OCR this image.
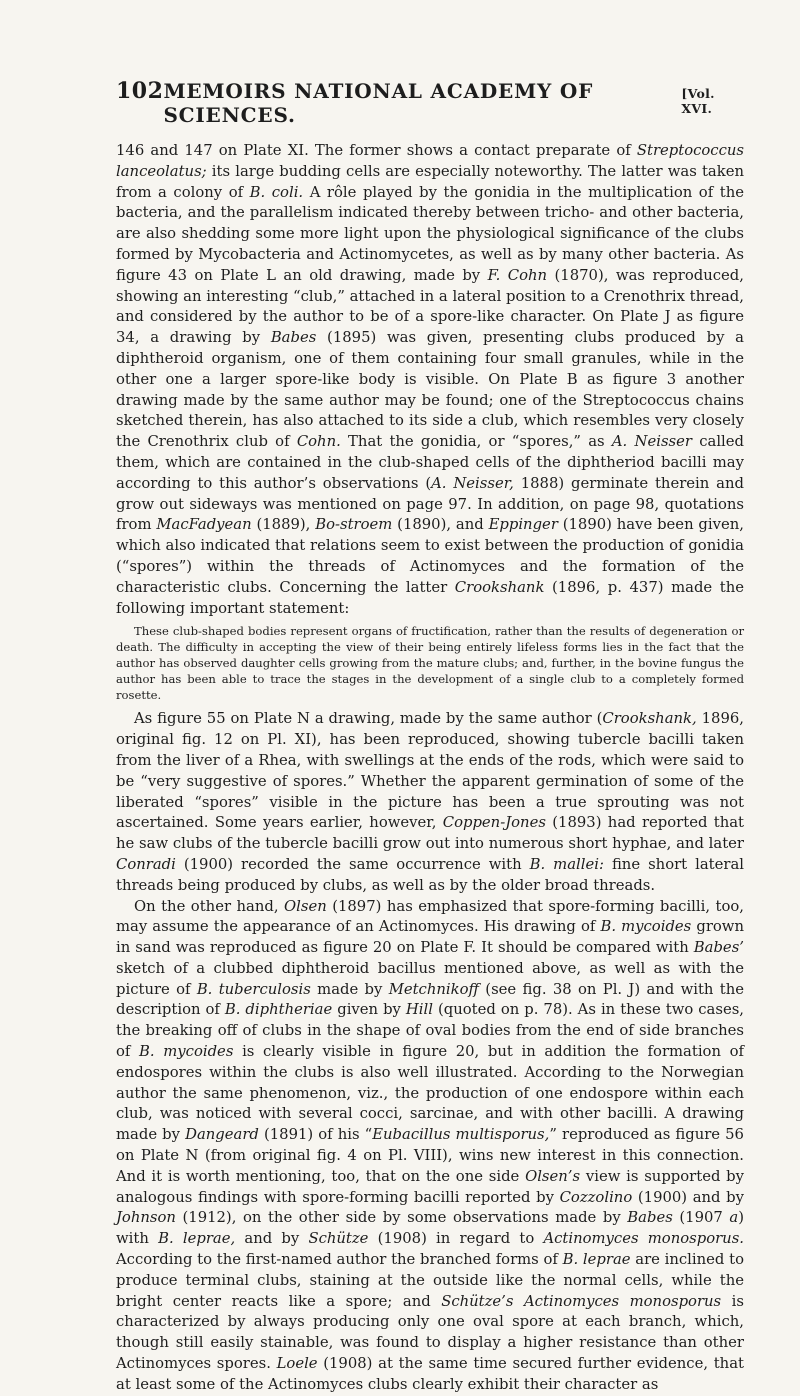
102 MEMOIRS NATIONAL ACADEMY OF SCIENCES.
[Vol. XVI.

146 and 147 on Plate XI. The former shows a contact preparate of Streptococcus lanceolatus; its large budding cells are especially noteworthy. The latter was taken from a colony of B. coli. A rôle played by the gonidia in the multiplication of the bacteria, and the parallelism indicated thereby between tricho- and other bacteria, are also shedding some more light upon the physiological significance of the clubs formed by Mycobacteria and Actinomycetes, as well as by many other bacteria. As figure 43 on Plate L an old drawing, made by F. Cohn (1870), was reproduced, showing an interesting “club,” attached in a lateral position to a Crenothrix thread, and considered by the author to be of a spore-like character. On Plate J as figure 34, a drawing by Babes (1895) was given, presenting clubs produced by a diphtheroid organism, one of them containing four small granules, while in the other one a larger spore-like body is visible. On Plate B as figure 3 another drawing made by the same author may be found; one of the Streptococcus chains sketched therein, has also attached to its side a club, which resembles very closely the Crenothrix club of Cohn. That the gonidia, or “spores,” as A. Neisser called them, which are contained in the club-shaped cells of the diphtheriod bacilli may according to this author’s observations (A. Neisser, 1888) germinate therein and grow out sideways was mentioned on page 97. In addition, on page 98, quotations from MacFadyean (1889), Bo-stroem (1890), and Eppinger (1890) have been given, which also indicated that relations seem to exist between the production of gonidia (“spores”) within the threads of Actinomyces and the formation of the characteristic clubs. Concerning the latter Crookshank (1896, p. 437) made the following important statement:

These club-shaped bodies represent organs of fructification, rather than the results of degeneration or death. The difficulty in accepting the view of their being entirely lifeless forms lies in the fact that the author has observed daughter cells growing from the mature clubs; and, further, in the bovine fungus the author has been able to trace the stages in the development of a single club to a completely formed rosette.

As figure 55 on Plate N a drawing, made by the same author (Crookshank, 1896, original fig. 12 on Pl. XI), has been reproduced, showing tubercle bacilli taken from the liver of a Rhea, with swellings at the ends of the rods, which were said to be “very suggestive of spores.” Whether the apparent germination of some of the liberated “spores” visible in the picture has been a true sprouting was not ascertained. Some years earlier, however, Coppen-Jones (1893) had reported that he saw clubs of the tubercle bacilli grow out into numerous short hyphae, and later Conradi (1900) recorded the same occurrence with B. mallei: fine short lateral threads being produced by clubs, as well as by the older broad threads.

On the other hand, Olsen (1897) has emphasized that spore-forming bacilli, too, may assume the appearance of an Actinomyces. His drawing of B. mycoides grown in sand was reproduced as figure 20 on Plate F. It should be compared with Babes’ sketch of a clubbed diphtheroid bacillus mentioned above, as well as with the picture of B. tuberculosis made by Metchnikoff (see fig. 38 on Pl. J) and with the description of B. diphtheriae given by Hill (quoted on p. 78). As in these two cases, the breaking off of clubs in the shape of oval bodies from the end of side branches of B. mycoides is clearly visible in figure 20, but in addition the formation of endospores within the clubs is also well illustrated. According to the Norwegian author the same phenomenon, viz., the production of one endospore within each club, was noticed with several cocci, sarcinae, and with other bacilli. A drawing made by Dangeard (1891) of his “Eubacillus multisporus,” reproduced as figure 56 on Plate N (from original fig. 4 on Pl. VIII), wins new interest in this connection. And it is worth mentioning, too, that on the one side Olsen’s view is supported by analogous findings with spore-forming bacilli reported by Cozzolino (1900) and by Johnson (1912), on the other side by some observations made by Babes (1907 a) with B. leprae, and by Schütze (1908) in regard to Actinomyces monosporus. According to the first-named author the branched forms of B. leprae are inclined to produce terminal clubs, staining at the outside like the normal cells, while the bright center reacts like a spore; and Schütze’s Actinomyces monosporus is characterized by always producing only one oval spore at each branch, which, though still easily stainable, was found to display a higher resistance than other Actinomyces spores. Loele (1908) at the same time secured further evidence, that at least some of the Actinomyces clubs clearly exhibit their character as
